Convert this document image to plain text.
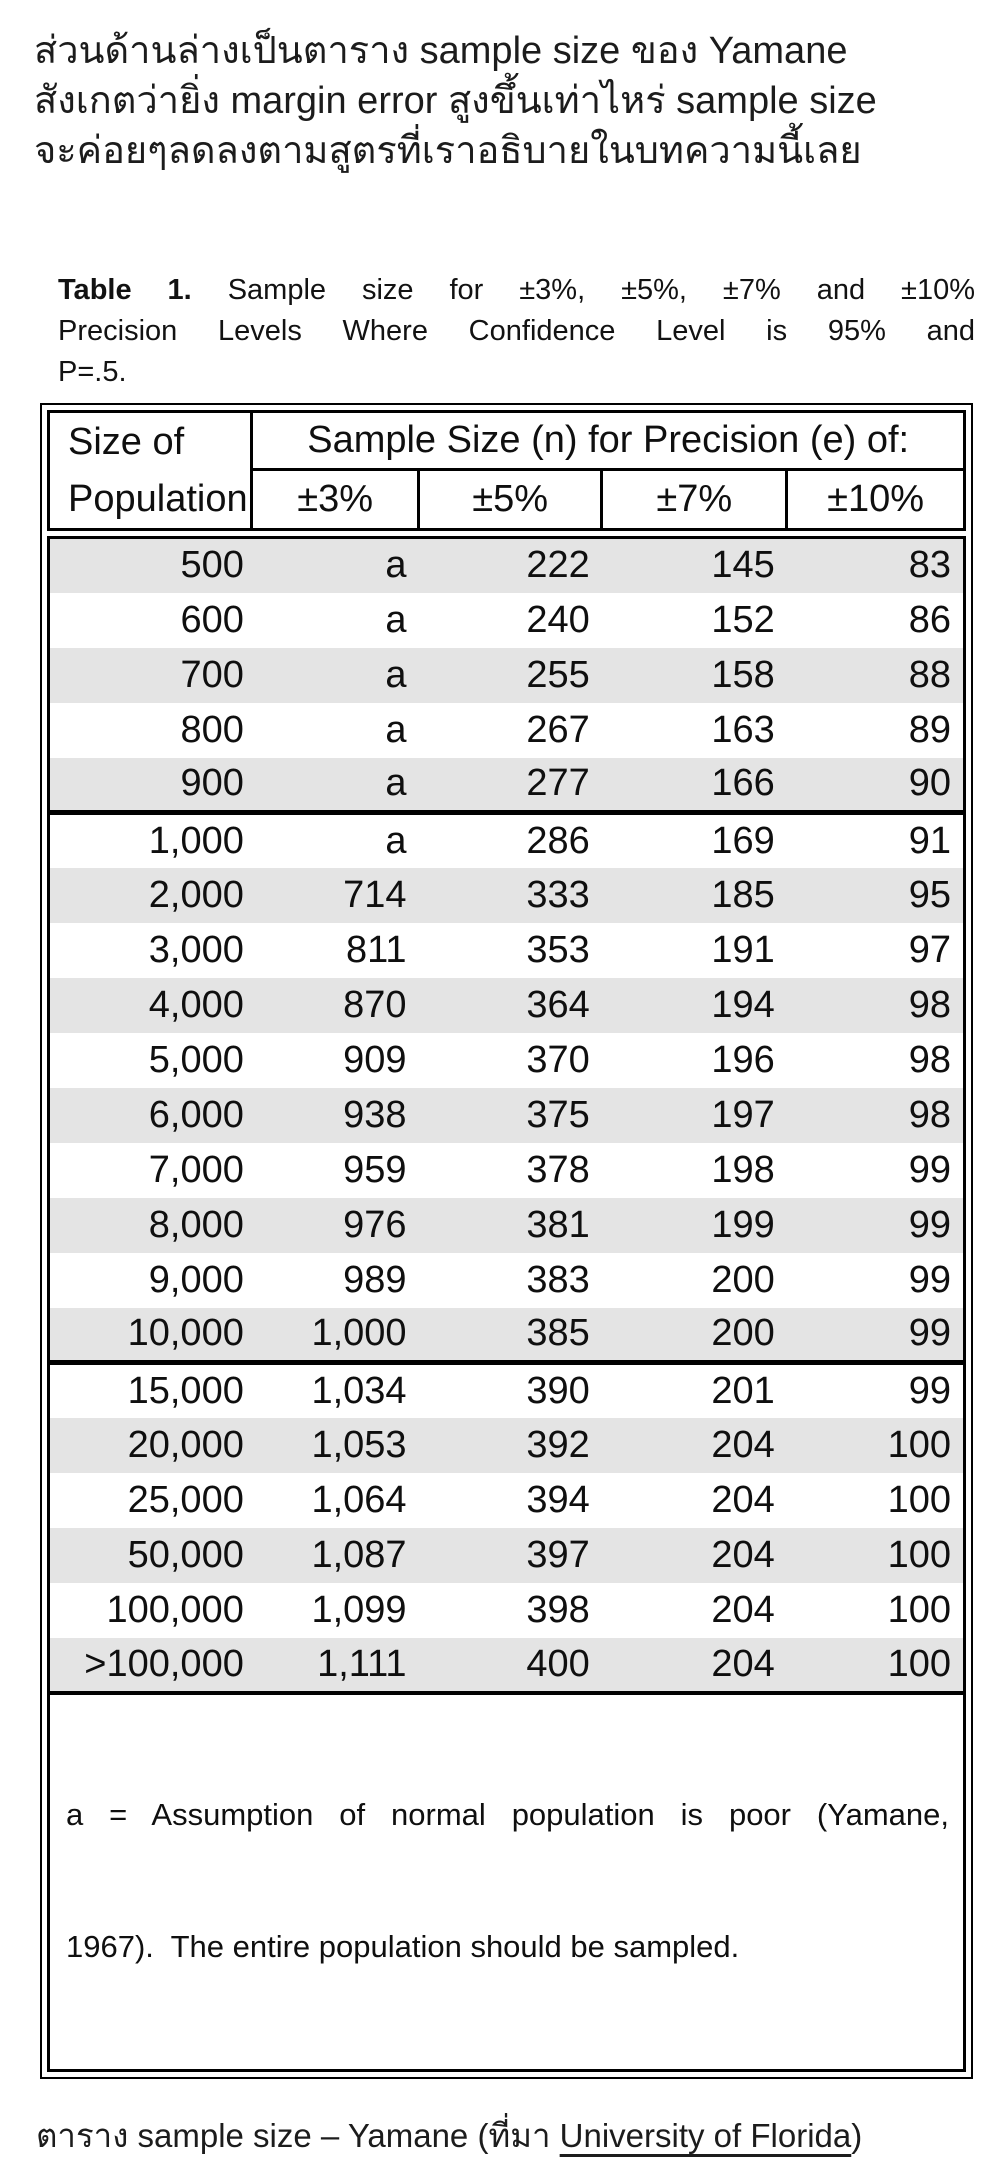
ส่วนด้านล่างเป็นตาราง sample size ของ Yamane
สังเกตว่ายิ่ง margin error สูงขึ้นเท่าไหร่ sample size
จะค่อยๆลดลงตามสูตรที่เราอธิบายในบทความนี้เลย
Table 1. Sample size for ±3%, ±5%, ±7% and ±10%
Precision Levels Where Confidence Level is 95% and
P=.5.
Size of
Population	Sample Size (n) for Precision (e) of:			
	±3%	±5%	±7%	±10%
500	a	222	145	83
600	a	240	152	86
700	a	255	158	88
800	a	267	163	89
900	a	277	166	90
1,000	a	286	169	91
2,000	714	333	185	95
3,000	811	353	191	97
4,000	870	364	194	98
5,000	909	370	196	98
6,000	938	375	197	98
7,000	959	378	198	99
8,000	976	381	199	99
9,000	989	383	200	99
10,000	1,000	385	200	99
15,000	1,034	390	201	99
20,000	1,053	392	204	100
25,000	1,064	394	204	100
50,000	1,087	397	204	100
100,000	1,099	398	204	100
>100,000	1,111	400	204	100

a = Assumption of normal population is poor (Yamane,

1967).  The entire population should be sampled.				

ตาราง sample size – Yamane (ที่มา University of Florida)
